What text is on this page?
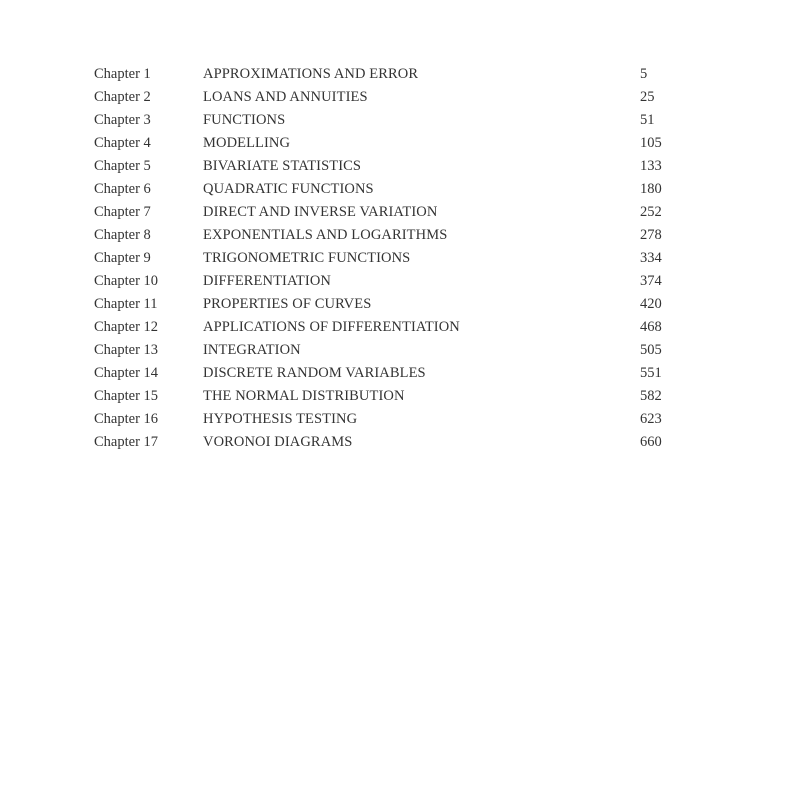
Chapter 1	APPROXIMATIONS AND ERROR	5
Chapter 2	LOANS AND ANNUITIES	25
Chapter 3	FUNCTIONS	51
Chapter 4	MODELLING	105
Chapter 5	BIVARIATE STATISTICS	133
Chapter 6	QUADRATIC FUNCTIONS	180
Chapter 7	DIRECT AND INVERSE VARIATION	252
Chapter 8	EXPONENTIALS AND LOGARITHMS	278
Chapter 9	TRIGONOMETRIC FUNCTIONS	334
Chapter 10	DIFFERENTIATION	374
Chapter 11	PROPERTIES OF CURVES	420
Chapter 12	APPLICATIONS OF DIFFERENTIATION	468
Chapter 13	INTEGRATION	505
Chapter 14	DISCRETE RANDOM VARIABLES	551
Chapter 15	THE NORMAL DISTRIBUTION	582
Chapter 16	HYPOTHESIS TESTING	623
Chapter 17	VORONOI DIAGRAMS	660
